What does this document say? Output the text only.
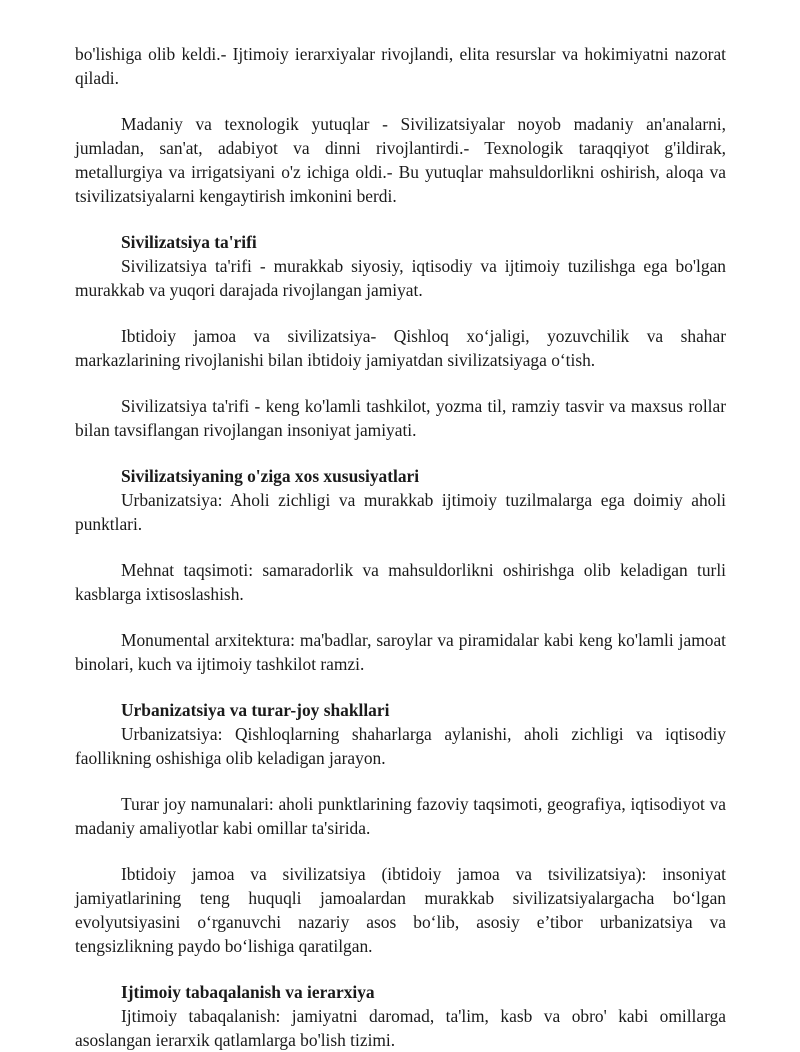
bo'lishiga olib keldi.- Ijtimoiy ierarxiyalar rivojlandi, elita resurslar va hokimiyatni nazorat qiladi.

Madaniy va texnologik yutuqlar - Sivilizatsiyalar noyob madaniy an'analarni, jumladan, san'at, adabiyot va dinni rivojlantirdi.- Texnologik taraqqiyot g'ildirak, metallurgiya va irrigatsiyani o'z ichiga oldi.- Bu yutuqlar mahsuldorlikni oshirish, aloqa va tsivilizatsiyalarni kengaytirish imkonini berdi.

Sivilizatsiya ta'rifi

Sivilizatsiya ta'rifi - murakkab siyosiy, iqtisodiy va ijtimoiy tuzilishga ega bo'lgan murakkab va yuqori darajada rivojlangan jamiyat.

Ibtidoiy jamoa va sivilizatsiya- Qishloq xo‘jaligi, yozuvchilik va shahar markazlarining rivojlanishi bilan ibtidoiy jamiyatdan sivilizatsiyaga o‘tish.

Sivilizatsiya ta'rifi - keng ko'lamli tashkilot, yozma til, ramziy tasvir va maxsus rollar bilan tavsiflangan rivojlangan insoniyat jamiyati.

Sivilizatsiyaning o'ziga xos xususiyatlari

Urbanizatsiya: Aholi zichligi va murakkab ijtimoiy tuzilmalarga ega doimiy aholi punktlari.

Mehnat taqsimoti: samaradorlik va mahsuldorlikni oshirishga olib keladigan turli kasblarga ixtisoslashish.

Monumental arxitektura: ma'badlar, saroylar va piramidalar kabi keng ko'lamli jamoat binolari, kuch va ijtimoiy tashkilot ramzi.

Urbanizatsiya va turar-joy shakllari

Urbanizatsiya: Qishloqlarning shaharlarga aylanishi, aholi zichligi va iqtisodiy faollikning oshishiga olib keladigan jarayon.

Turar joy namunalari: aholi punktlarining fazoviy taqsimoti, geografiya, iqtisodiyot va madaniy amaliyotlar kabi omillar ta'sirida.

Ibtidoiy jamoa va sivilizatsiya (ibtidoiy jamoa va tsivilizatsiya): insoniyat jamiyatlarining teng huquqli jamoalardan murakkab sivilizatsiyalargacha bo‘lgan evolyutsiyasini o‘rganuvchi nazariy asos bo‘lib, asosiy e’tibor urbanizatsiya va tengsizlikning paydo bo‘lishiga qaratilgan.

Ijtimoiy tabaqalanish va ierarxiya

Ijtimoiy tabaqalanish: jamiyatni daromad, ta'lim, kasb va obro' kabi omillarga asoslangan ierarxik qatlamlarga bo'lish tizimi.
